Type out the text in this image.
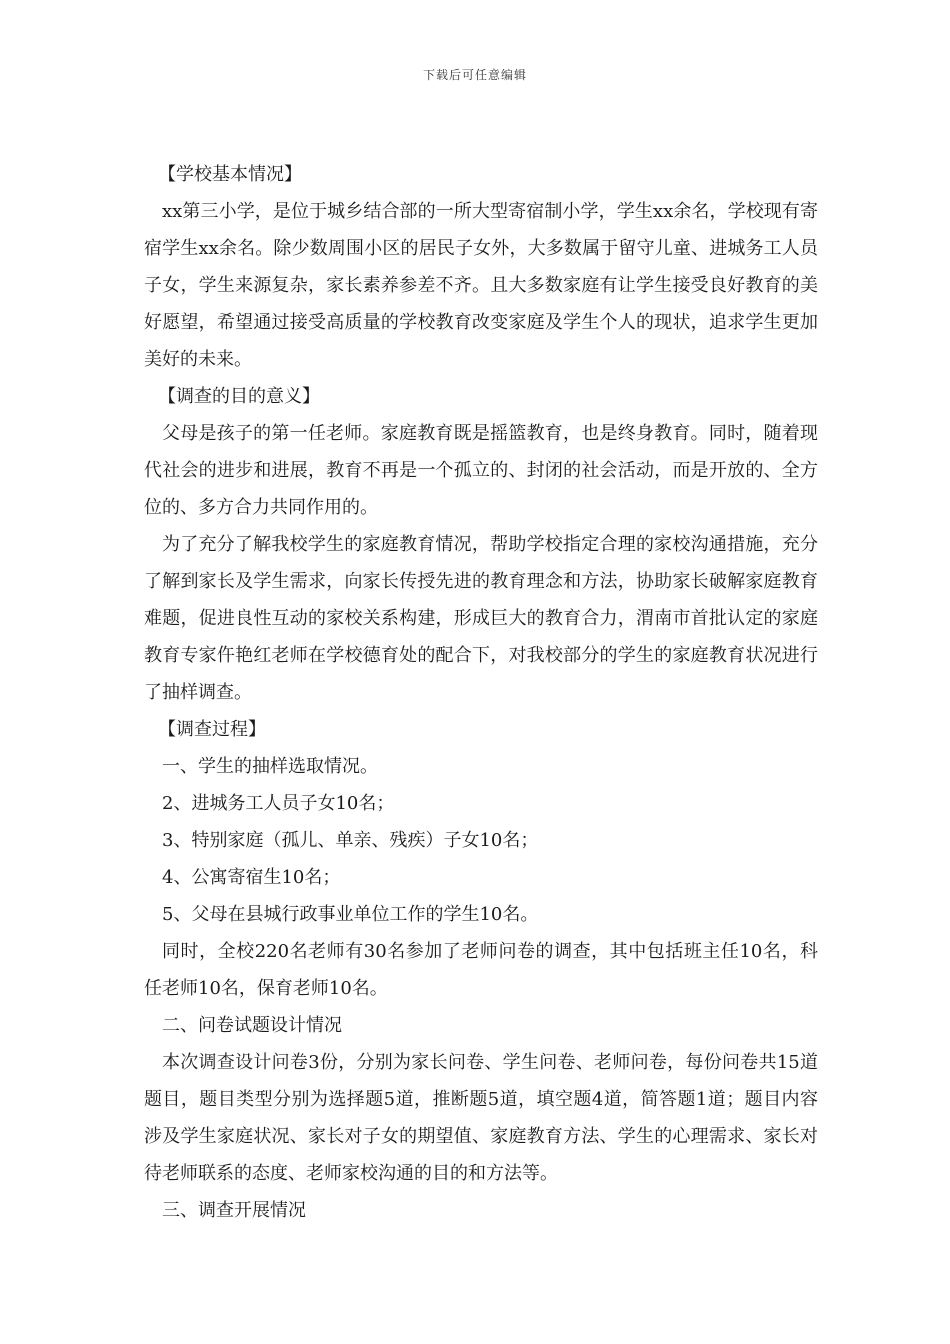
下载后可任意编辑

【学校基本情况】

xx第三小学，是位于城乡结合部的一所大型寄宿制小学，学生xx余名，学校现有寄宿学生xx余名。除少数周围小区的居民子女外，大多数属于留守儿童、进城务工人员子女，学生来源复杂，家长素养参差不齐。且大多数家庭有让学生接受良好教育的美好愿望，希望通过接受高质量的学校教育改变家庭及学生个人的现状，追求学生更加美好的未来。

【调查的目的意义】

父母是孩子的第一任老师。家庭教育既是摇篮教育，也是终身教育。同时，随着现代社会的进步和进展，教育不再是一个孤立的、封闭的社会活动，而是开放的、全方位的、多方合力共同作用的。

为了充分了解我校学生的家庭教育情况，帮助学校指定合理的家校沟通措施，充分了解到家长及学生需求，向家长传授先进的教育理念和方法，协助家长破解家庭教育难题，促进良性互动的家校关系构建，形成巨大的教育合力，渭南市首批认定的家庭教育专家仵艳红老师在学校德育处的配合下，对我校部分的学生的家庭教育状况进行了抽样调查。

【调查过程】

一、学生的抽样选取情况。

2、进城务工人员子女10名；

3、特别家庭（孤儿、单亲、残疾）子女10名；

4、公寓寄宿生10名；

5、父母在县城行政事业单位工作的学生10名。

同时，全校220名老师有30名参加了老师问卷的调查，其中包括班主任10名，科任老师10名，保育老师10名。

二、问卷试题设计情况

本次调查设计问卷3份，分别为家长问卷、学生问卷、老师问卷，每份问卷共15道题目，题目类型分别为选择题5道，推断题5道，填空题4道，简答题1道；题目内容涉及学生家庭状况、家长对子女的期望值、家庭教育方法、学生的心理需求、家长对待老师联系的态度、老师家校沟通的目的和方法等。

三、调查开展情况
